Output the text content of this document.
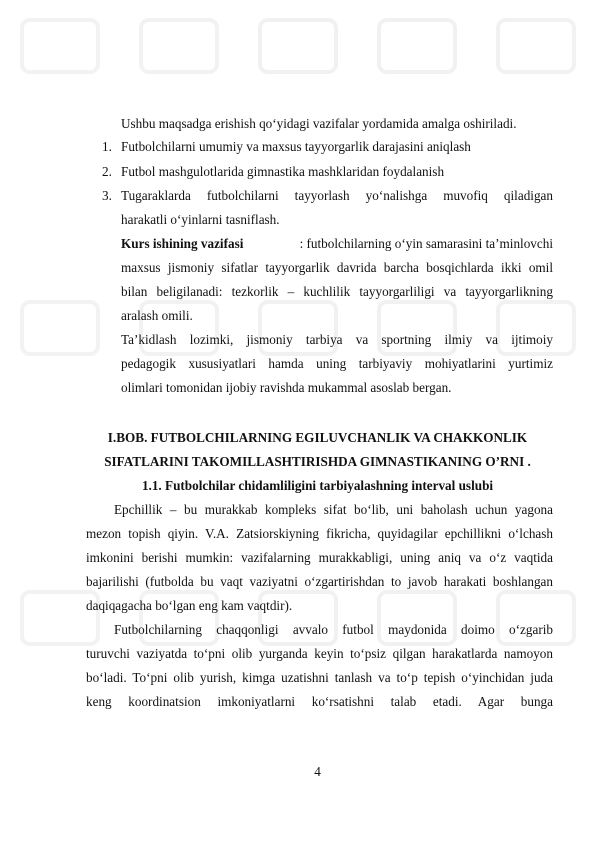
Ushbu maqsadga erishish qo‘yidagi vazifalar yordamida amalga oshiriladi.
1. Futbolchilarni umumiy va maxsus tayyorgarlik darajasini aniqlash
2. Futbol mashgulotlarida gimnastika mashklaridan foydalanish
3. Tugaraklarda futbolchilarni tayyorlash yo‘nalishga muvofiq qiladigan
harakatli o‘yinlarni tasniflash.
Kurs ishining vazifasi	: futbolchilarning o‘yin samarasini ta’minlovchi
maxsus jismoniy sifatlar tayyorgarlik davrida barcha bosqichlarda ikki omil
bilan beligilanadi: tezkorlik – kuchlilik tayyorgarliligi va tayyorgarlikning
aralash omili.
Ta’kidlash lozimki, jismoniy tarbiya va sportning ilmiy va ijtimoiy
pedagogik xususiyatlari hamda uning tarbiyaviy mohiyatlarini yurtimiz
olimlari tomonidan ijobiy ravishda mukammal asoslab bergan.
I.BOB. FUTBOLCHILARNING EGILUVCHANLIK VA CHAKKONLIK
SIFATLARINI TAKOMILLASHTIRISHDA GIMNASTIKANING O’RNI .
1.1. Futbolchilar chidamliligini tarbiyalashning interval uslubi
Epchillik – bu murakkab kompleks sifat bo‘lib, uni baholash uchun yagona
mezon topish qiyin. V.A. Zatsiorskiyning fikricha, quyidagilar epchillikni o‘lchash
imkonini berishi mumkin: vazifalarning murakkabligi, uning aniq va o‘z vaqtida
bajarilishi (futbolda bu vaqt vaziyatni o‘zgartirishdan to javob harakati boshlangan
daqiqagacha bo‘lgan eng kam vaqtdir).
Futbolchilarning chaqqonligi avvalo futbol maydonida doimo o‘zgarib
turuvchi vaziyatda to‘pni olib yurganda keyin to‘psiz qilgan harakatlarda namoyon
bo‘ladi. To‘pni olib yurish, kimga uzatishni tanlash va to‘p tepish o‘yinchidan juda
keng koordinatsion imkoniyatlarni ko‘rsatishni talab etadi. Agar bunga
4
